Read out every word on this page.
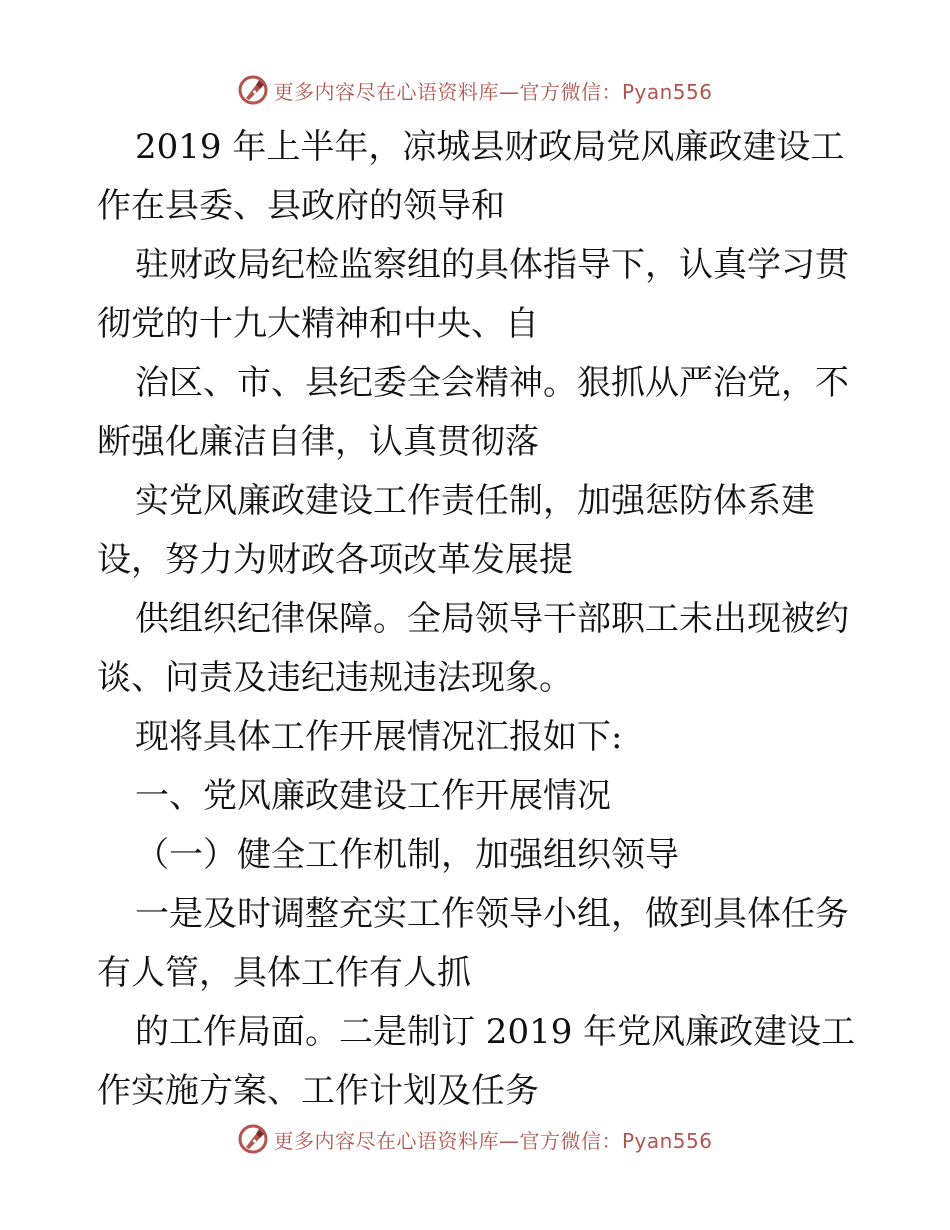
更多内容尽在心语资料库—官方微信：Pyan556
2019 年上半年，凉城县财政局党风廉政建设工
作在县委、县政府的领导和
驻财政局纪检监察组的具体指导下，认真学习贯
彻党的十九大精神和中央、自
治区、市、县纪委全会精神。狠抓从严治党，不
断强化廉洁自律，认真贯彻落
实党风廉政建设工作责任制，加强惩防体系建
设，努力为财政各项改革发展提
供组织纪律保障。全局领导干部职工未出现被约
谈、问责及违纪违规违法现象。
现将具体工作开展情况汇报如下:
一、党风廉政建设工作开展情况
（一）健全工作机制，加强组织领导
一是及时调整充实工作领导小组，做到具体任务
有人管，具体工作有人抓
的工作局面。二是制订 2019 年党风廉政建设工
作实施方案、工作计划及任务
更多内容尽在心语资料库—官方微信：Pyan556
